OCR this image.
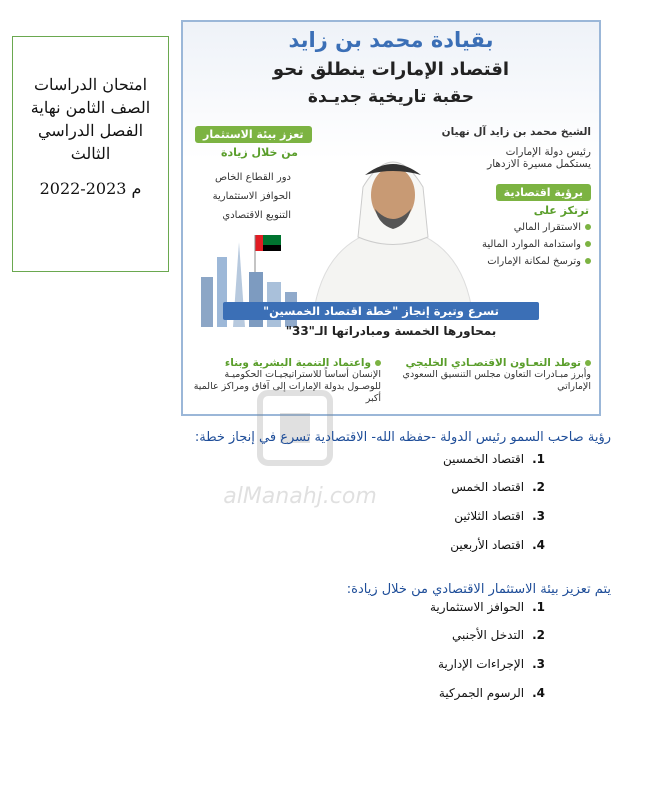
امتحان الدراسات
الصف الثامن نهاية
الفصل الدراسي
الثالث
2022-2023 م
بقيادة محمد بن زايد
اقتصاد الإمارات ينطلق نحو
حقبة تاريخية جديـدة
تعزز بيئة الاستثمار
من خلال زيادة
دور القطاع الخاص
الحوافز الاستثمارية
التنويع الاقتصادي
الشيخ محمد بن زايد آل نهيان
رئيس دولة الإمارات يستكمل مسيرة الازدهار
برؤية اقتصادية
ترتكز على
الاستقرار المالي
واستدامة الموارد المالية
وترسخ لمكانة الإمارات
تسرع وتيرة إنجاز "خطة اقتصاد الخمسين"
بمحاورها الخمسة ومبادراتها الـ"33"
توطد التعـاون الاقتصـادي الخليجي
وأبرز مبـادرات التعاون مجلس التنسيق السعودي الإماراتي
واعتماد التنمية البشرية وبناء
الإنسان أساساً للاستراتيجيـات الحكوميـة للوصـول بدولة الإمارات إلى آفاق ومراكز عالمية أكبر
alManahj.com
رؤية صاحب السمو رئيس الدولة -حفظه الله- الاقتصادية تسرع في إنجاز خطة:
1.اقتصاد الخمسين
2.اقتصاد الخمس
3.اقتصاد الثلاثين
4.اقتصاد الأربعين
يتم تعزيز بيئة الاستثمار الاقتصادي من خلال زيادة:
1.الحوافز الاستثمارية
2.التدخل الأجنبي
3.الإجراءات الإدارية
4.الرسوم الجمركية
